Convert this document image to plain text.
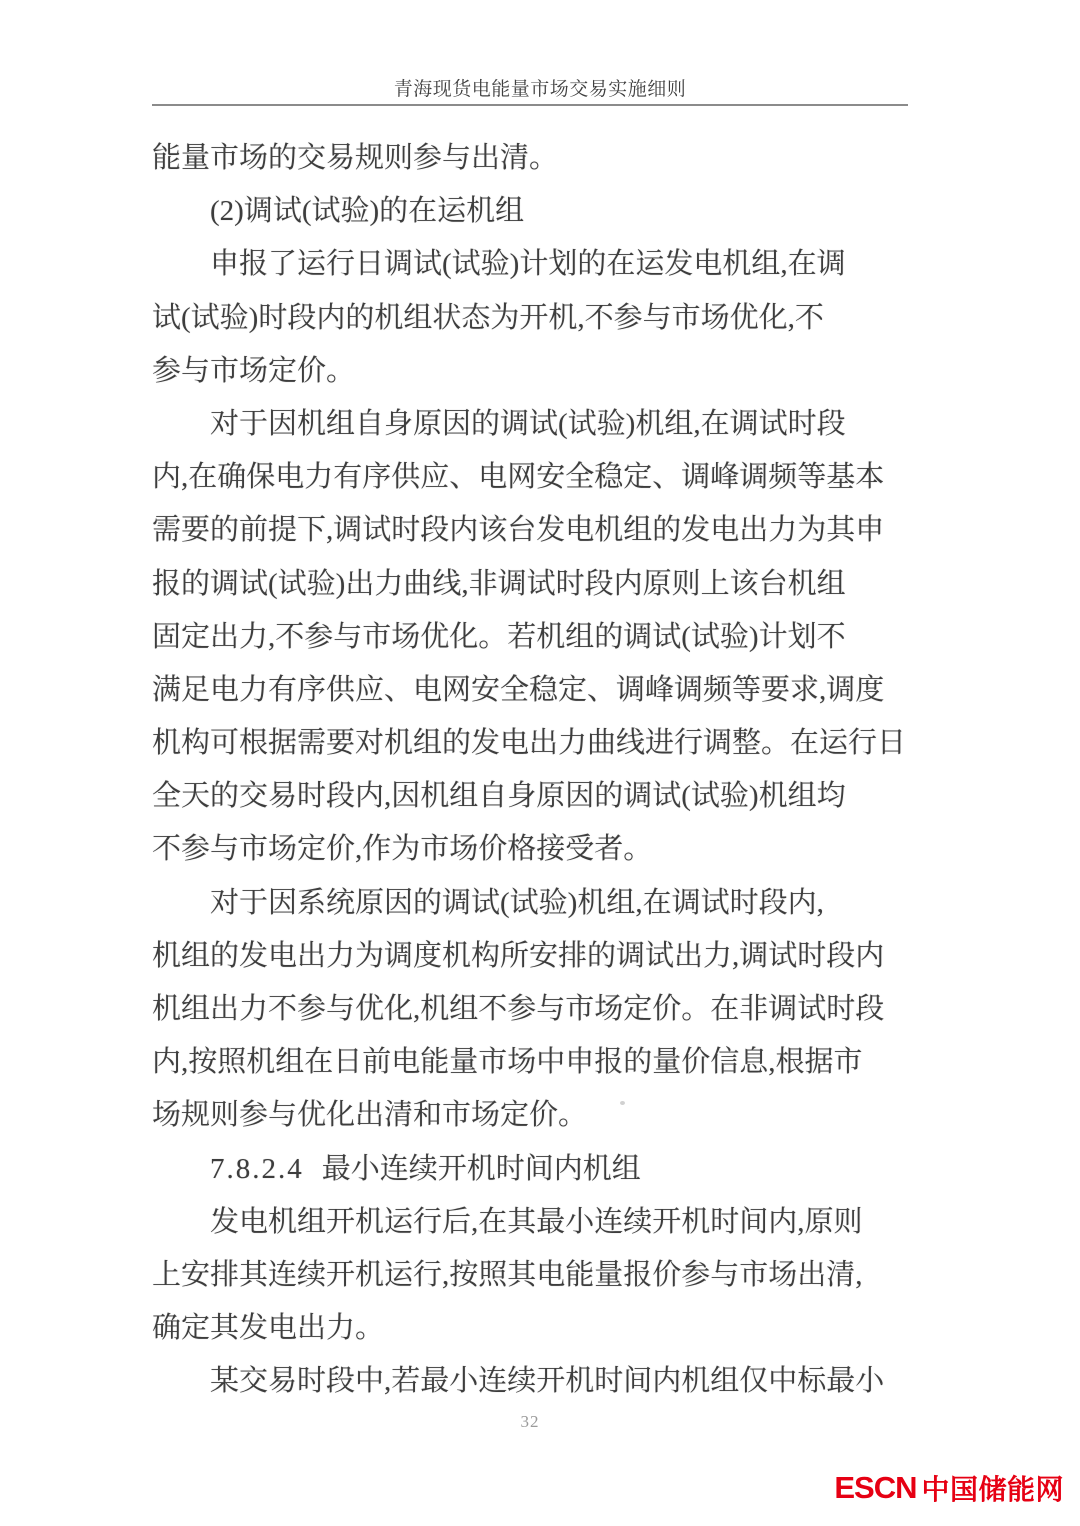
青海现货电能量市场交易实施细则
能量市场的交易规则参与出清。
(2)调试(试验)的在运机组
申报了运行日调试(试验)计划的在运发电机组,在调
试(试验)时段内的机组状态为开机,不参与市场优化,不
参与市场定价。
对于因机组自身原因的调试(试验)机组,在调试时段
内,在确保电力有序供应、电网安全稳定、调峰调频等基本
需要的前提下,调试时段内该台发电机组的发电出力为其申
报的调试(试验)出力曲线,非调试时段内原则上该台机组
固定出力,不参与市场优化。若机组的调试(试验)计划不
满足电力有序供应、电网安全稳定、调峰调频等要求,调度
机构可根据需要对机组的发电出力曲线进行调整。在运行日
全天的交易时段内,因机组自身原因的调试(试验)机组均
不参与市场定价,作为市场价格接受者。
对于因系统原因的调试(试验)机组,在调试时段内,
机组的发电出力为调度机构所安排的调试出力,调试时段内
机组出力不参与优化,机组不参与市场定价。在非调试时段
内,按照机组在日前电能量市场中申报的量价信息,根据市
场规则参与优化出清和市场定价。
7.8.2.4 最小连续开机时间内机组
发电机组开机运行后,在其最小连续开机时间内,原则
上安排其连续开机运行,按照其电能量报价参与市场出清,
确定其发电出力。
某交易时段中,若最小连续开机时间内机组仅中标最小
32
ESCN 中国储能网
